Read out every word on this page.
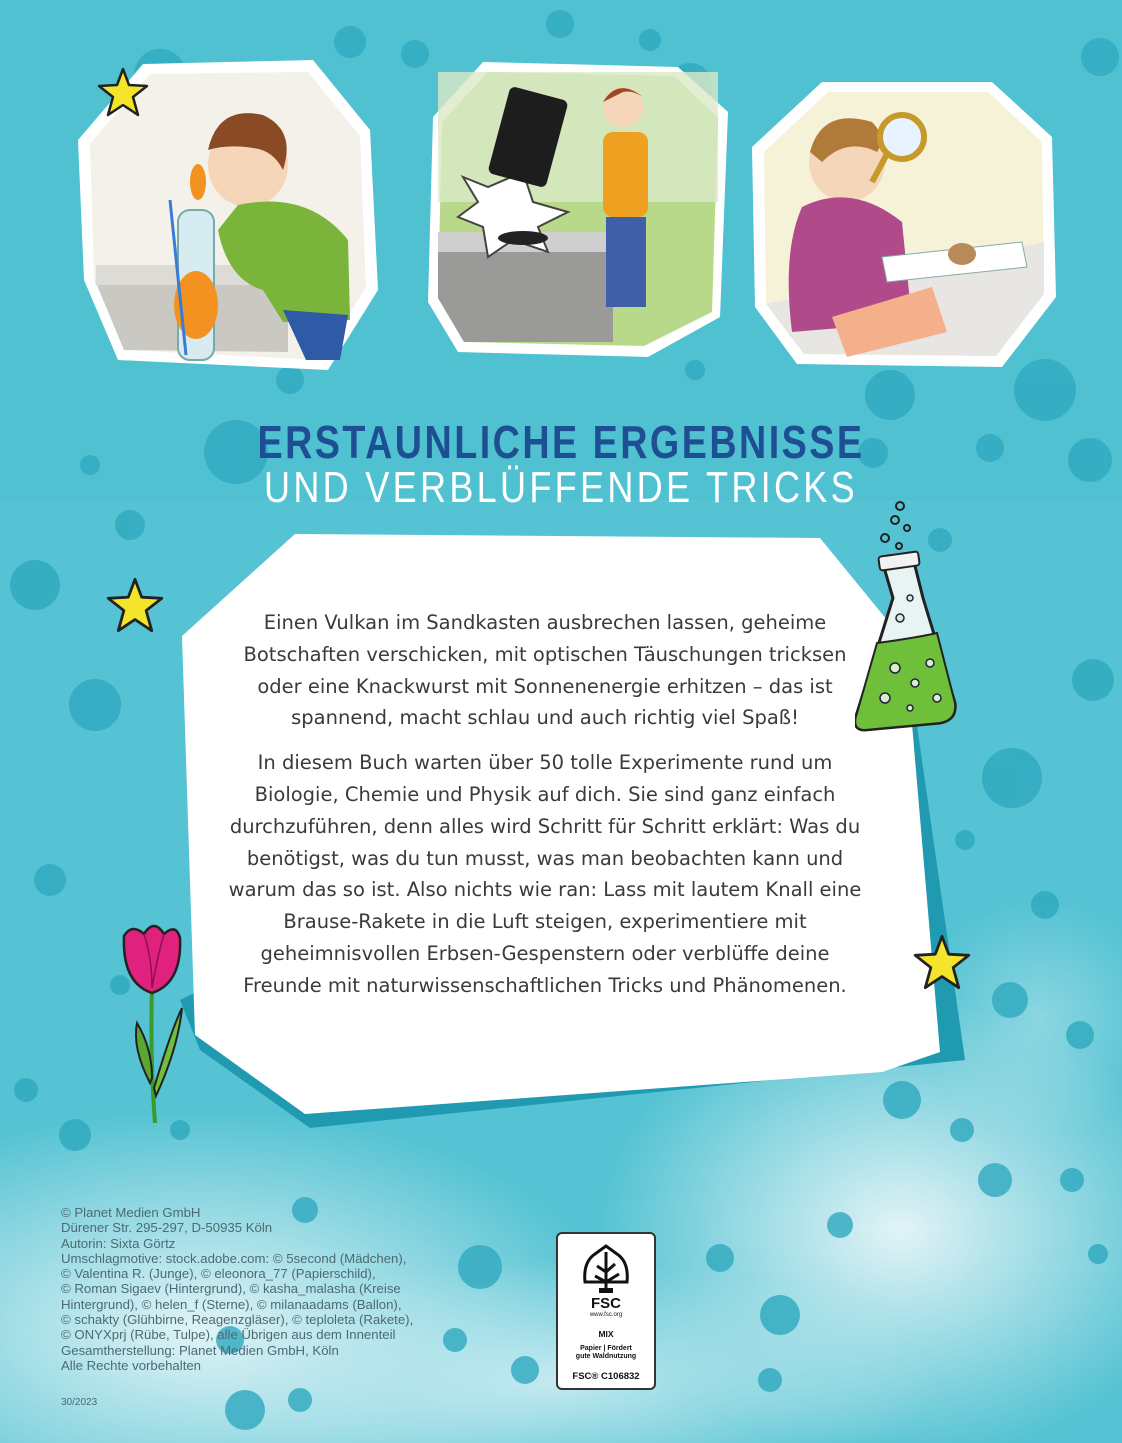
ERSTAUNLICHE ERGEBNISSE
UND VERBLÜFFENDE TRICKS

Einen Vulkan im Sandkasten ausbrechen lassen, geheime Botschaften verschicken, mit optischen Täuschungen tricksen oder eine Knackwurst mit Sonnenenergie erhitzen – das ist spannend, macht schlau und auch richtig viel Spaß!

In diesem Buch warten über 50 tolle Experimente rund um Biologie, Chemie und Physik auf dich. Sie sind ganz einfach durchzuführen, denn alles wird Schritt für Schritt erklärt: Was du benötigst, was du tun musst, was man beobachten kann und warum das so ist. Also nichts wie ran: Lass mit lautem Knall eine Brause-Rakete in die Luft steigen, experimentiere mit geheimnisvollen Erbsen-Gespenstern oder verblüffe deine Freunde mit naturwissenschaftlichen Tricks und Phänomenen.

© Planet Medien GmbH
Dürener Str. 295-297, D-50935 Köln
Autorin: Sixta Görtz
Umschlagmotive: stock.adobe.com: © 5second (Mädchen),
© Valentina R. (Junge), © eleonora_77 (Papierschild),
© Roman Sigaev (Hintergrund), © kasha_malasha (Kreise
Hintergrund), © helen_f (Sterne), © milanaadams (Ballon),
© schakty (Glühbirne, Reagenzgläser), © teploleta (Rakete),
© ONYXprj (Rübe, Tulpe), alle Übrigen aus dem Innenteil
Gesamtherstellung: Planet Medien GmbH, Köln
Alle Rechte vorbehalten
30/2023
FSC
www.fsc.org
MIX
Papier | Fördert
gute Waldnutzung
FSC® C106832
